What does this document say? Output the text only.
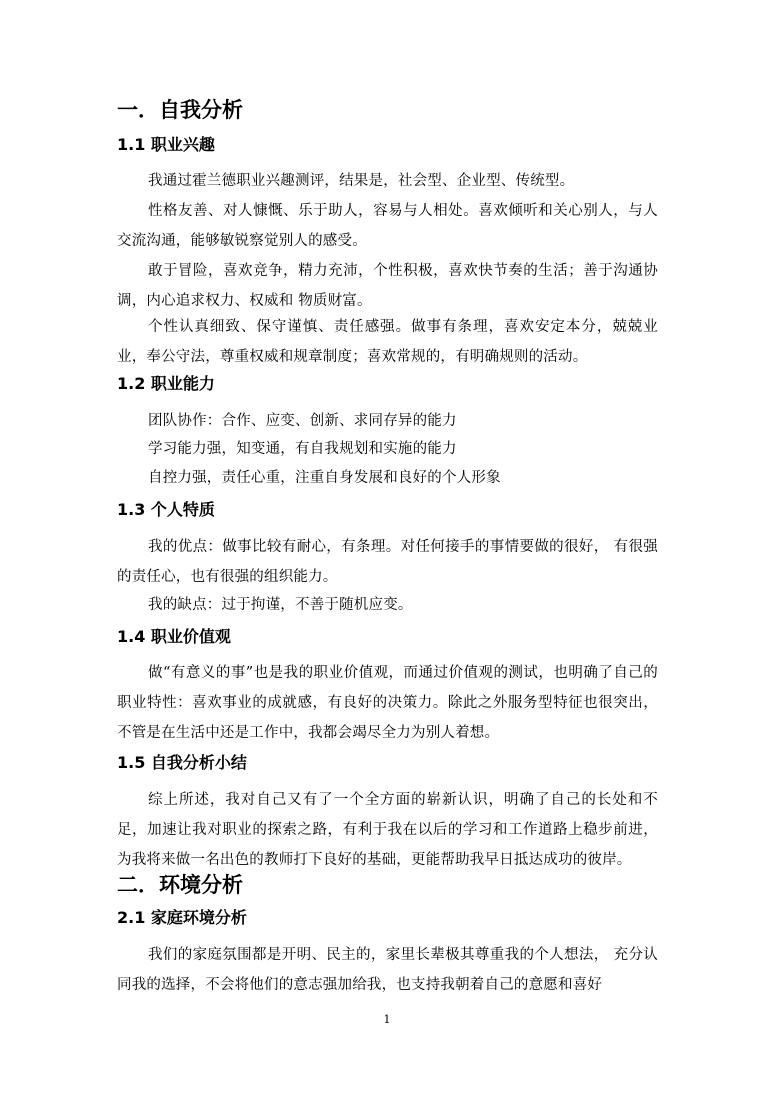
一．自我分析
1.1 职业兴趣

我通过霍兰德职业兴趣测评，结果是，社会型、企业型、传统型。

性格友善、对人慷慨、乐于助人，容易与人相处。喜欢倾听和关心别人，与人交流沟通，能够敏锐察觉别人的感受。

敢于冒险，喜欢竞争，精力充沛，个性积极，喜欢快节奏的生活；善于沟通协调，内心追求权力、权威和 物质财富。

个性认真细致、保守谨慎、责任感强。做事有条理，喜欢安定本分，兢兢业业，奉公守法，尊重权威和规章制度；喜欢常规的，有明确规则的活动。

1.2 职业能力

团队协作：合作、应变、创新、求同存异的能力

学习能力强，知变通，有自我规划和实施的能力

自控力强，责任心重，注重自身发展和良好的个人形象

1.3 个人特质

我的优点：做事比较有耐心，有条理。对任何接手的事情要做的很好， 有很强的责任心，也有很强的组织能力。

我的缺点：过于拘谨，不善于随机应变。

1.4 职业价值观

做“有意义的事”也是我的职业价值观，而通过价值观的测试，也明确了自己的职业特性：喜欢事业的成就感，有良好的决策力。除此之外服务型特征也很突出，不管是在生活中还是工作中，我都会竭尽全力为别人着想。

1.5 自我分析小结

综上所述，我对自己又有了一个全方面的崭新认识，明确了自己的长处和不足，加速让我对职业的探索之路，有利于我在以后的学习和工作道路上稳步前进，为我将来做一名出色的教师打下良好的基础，更能帮助我早日抵达成功的彼岸。

二．环境分析
2.1 家庭环境分析

我们的家庭氛围都是开明、民主的，家里长辈极其尊重我的个人想法， 充分认同我的选择，不会将他们的意志强加给我，也支持我朝着自己的意愿和喜好

1
